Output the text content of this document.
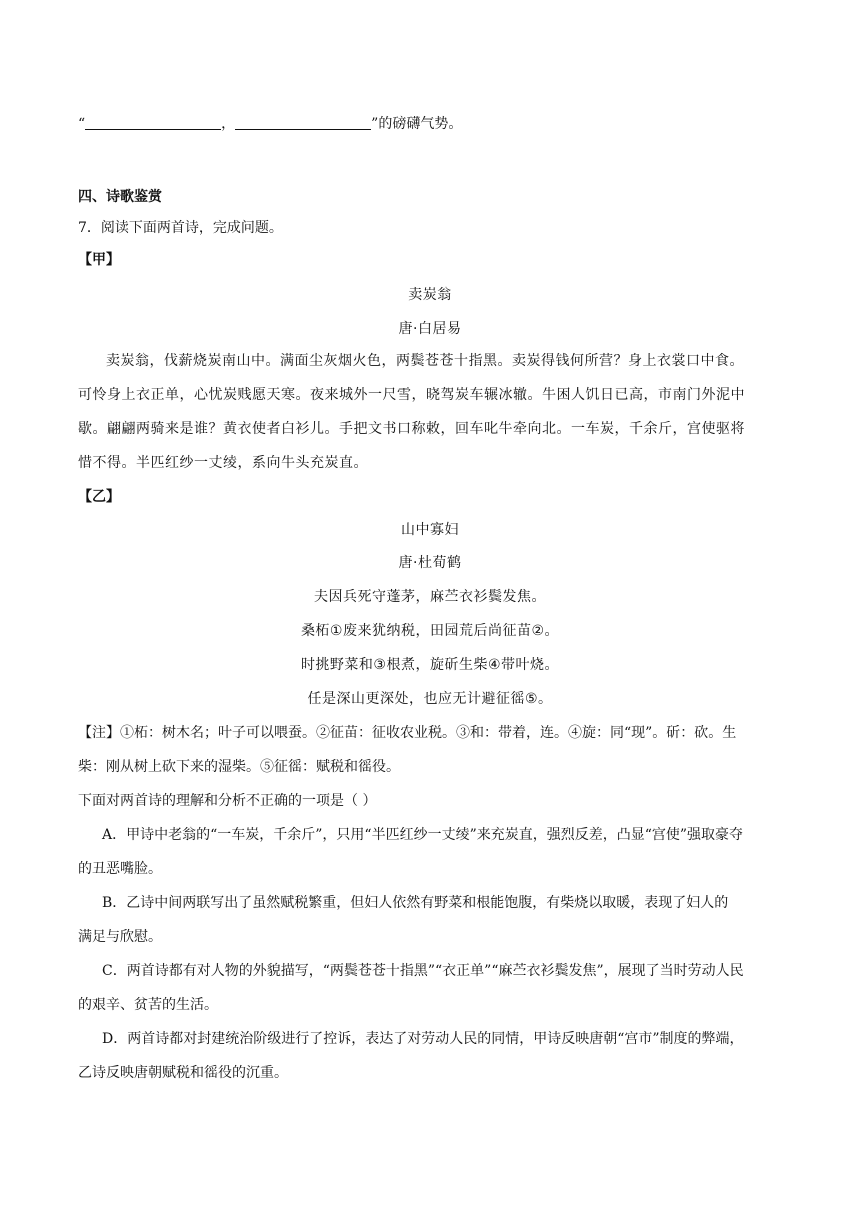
“	，	”的磅礴气势。
四、诗歌鉴赏
7．阅读下面两首诗，完成问题。
【甲】
卖炭翁
唐·白居易
卖炭翁，伐薪烧炭南山中。满面尘灰烟火色，两鬓苍苍十指黑。卖炭得钱何所营？身上衣裳口中食。
可怜身上衣正单，心忧炭贱愿天寒。夜来城外一尺雪，晓驾炭车辗冰辙。牛困人饥日已高，市南门外泥中
歇。翩翩两骑来是谁？黄衣使者白衫儿。手把文书口称敕，回车叱牛牵向北。一车炭，千余斤，宫使驱将
惜不得。半匹红纱一丈绫，系向牛头充炭直。
【乙】
山中寡妇
唐·杜荀鹤
夫因兵死守蓬茅，麻苎衣衫鬓发焦。
桑柘①废来犹纳税，田园荒后尚征苗②。
时挑野菜和③根煮，旋斫生柴④带叶烧。
任是深山更深处，也应无计避征徭⑤。
【注】①柘：树木名；叶子可以喂蚕。②征苗：征收农业税。③和：带着，连。④旋：同“现”。斫：砍。生
柴：刚从树上砍下来的湿柴。⑤征徭：赋税和徭役。
下面对两首诗的理解和分析不正确的一项是（ ）
A．甲诗中老翁的“一车炭，千余斤”，只用“半匹红纱一丈绫”来充炭直，强烈反差，凸显“宫使”强取豪夺
的丑恶嘴脸。
B．乙诗中间两联写出了虽然赋税繁重，但妇人依然有野菜和根能饱腹，有柴烧以取暖，表现了妇人的
满足与欣慰。
C．两首诗都有对人物的外貌描写，“两鬓苍苍十指黑”“衣正单”“麻苎衣衫鬓发焦”，展现了当时劳动人民
的艰辛、贫苦的生活。
D．两首诗都对封建统治阶级进行了控诉，表达了对劳动人民的同情，甲诗反映唐朝“宫市”制度的弊端，
乙诗反映唐朝赋税和徭役的沉重。
